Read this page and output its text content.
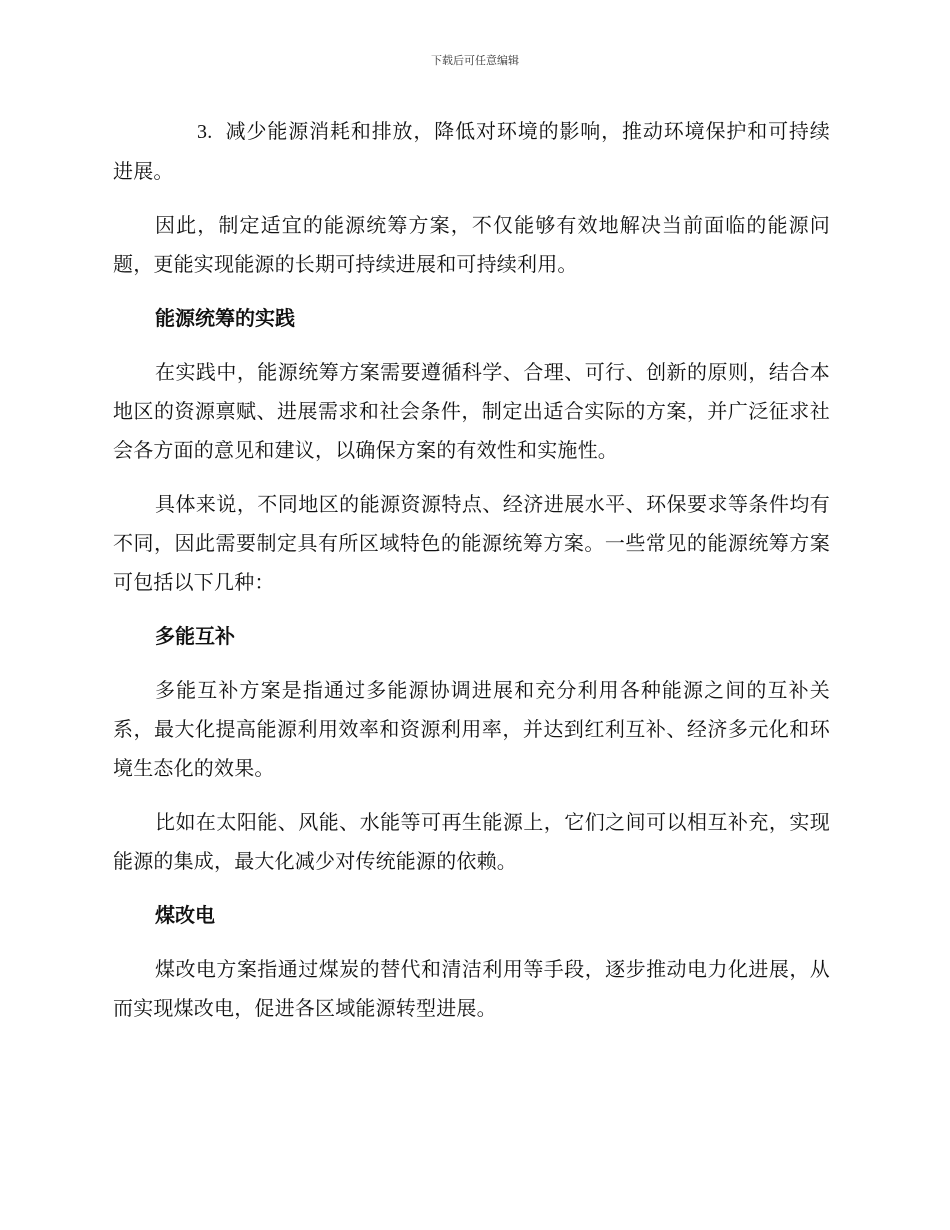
下载后可任意编辑

3. 减少能源消耗和排放，降低对环境的影响，推动环境保护和可持续进展。

因此，制定适宜的能源统筹方案，不仅能够有效地解决当前面临的能源问题，更能实现能源的长期可持续进展和可持续利用。

能源统筹的实践

在实践中，能源统筹方案需要遵循科学、合理、可行、创新的原则，结合本地区的资源禀赋、进展需求和社会条件，制定出适合实际的方案，并广泛征求社会各方面的意见和建议，以确保方案的有效性和实施性。

具体来说，不同地区的能源资源特点、经济进展水平、环保要求等条件均有不同，因此需要制定具有所区域特色的能源统筹方案。一些常见的能源统筹方案可包括以下几种：

多能互补

多能互补方案是指通过多能源协调进展和充分利用各种能源之间的互补关系，最大化提高能源利用效率和资源利用率，并达到红利互补、经济多元化和环境生态化的效果。

比如在太阳能、风能、水能等可再生能源上，它们之间可以相互补充，实现能源的集成，最大化减少对传统能源的依赖。

煤改电

煤改电方案指通过煤炭的替代和清洁利用等手段，逐步推动电力化进展，从而实现煤改电，促进各区域能源转型进展。
